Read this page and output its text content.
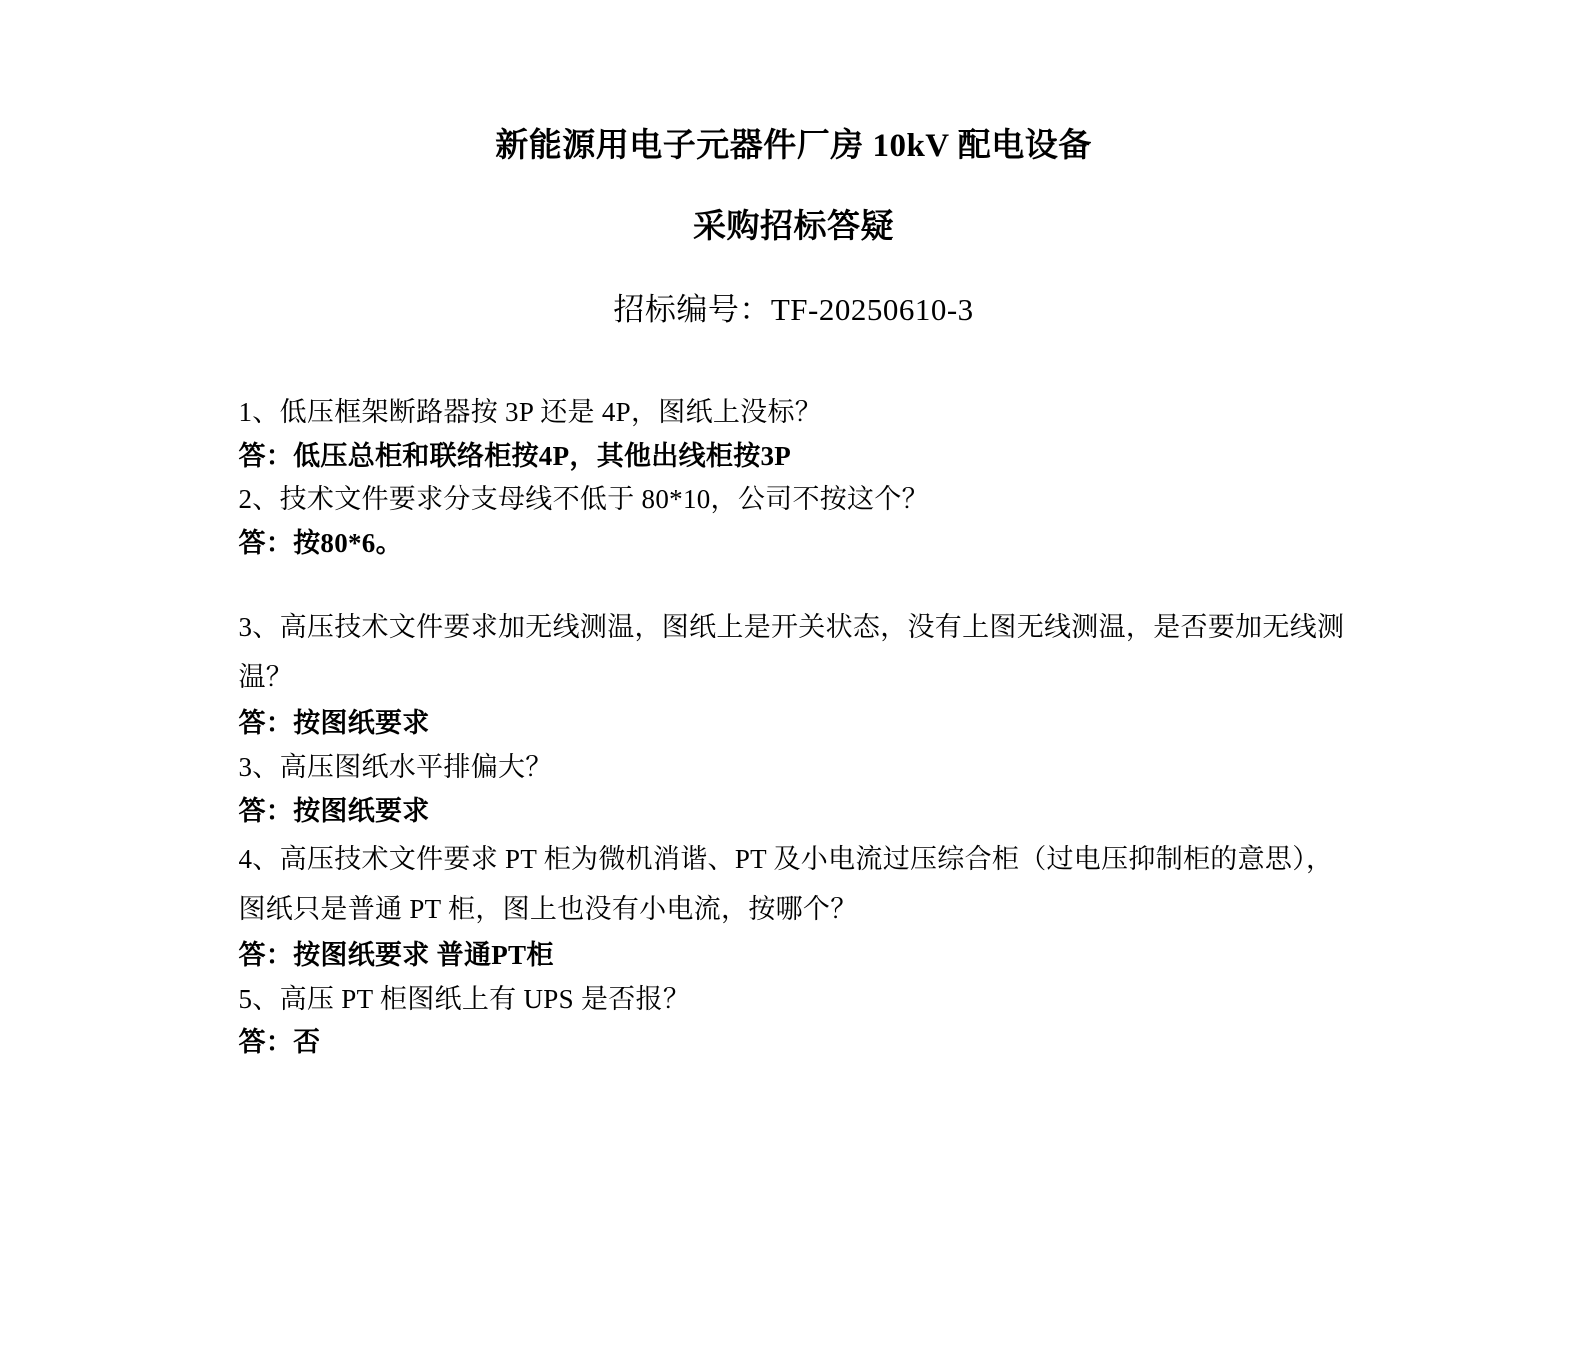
新能源用电子元器件厂房 10kV 配电设备
采购招标答疑
招标编号：TF-20250610-3
1、低压框架断路器按 3P 还是 4P，图纸上没标？
答：低压总柜和联络柜按4P，其他出线柜按3P
2、技术文件要求分支母线不低于 80*10，公司不按这个？
答：按80*6。
3、高压技术文件要求加无线测温，图纸上是开关状态，没有上图无线测温，是否要加无线测温？
答：按图纸要求
3、高压图纸水平排偏大？
答：按图纸要求
4、高压技术文件要求 PT 柜为微机消谐、PT 及小电流过压综合柜（过电压抑制柜的意思），图纸只是普通 PT 柜，图上也没有小电流，按哪个？
答：按图纸要求 普通PT柜
5、高压 PT 柜图纸上有 UPS 是否报？
答：否
